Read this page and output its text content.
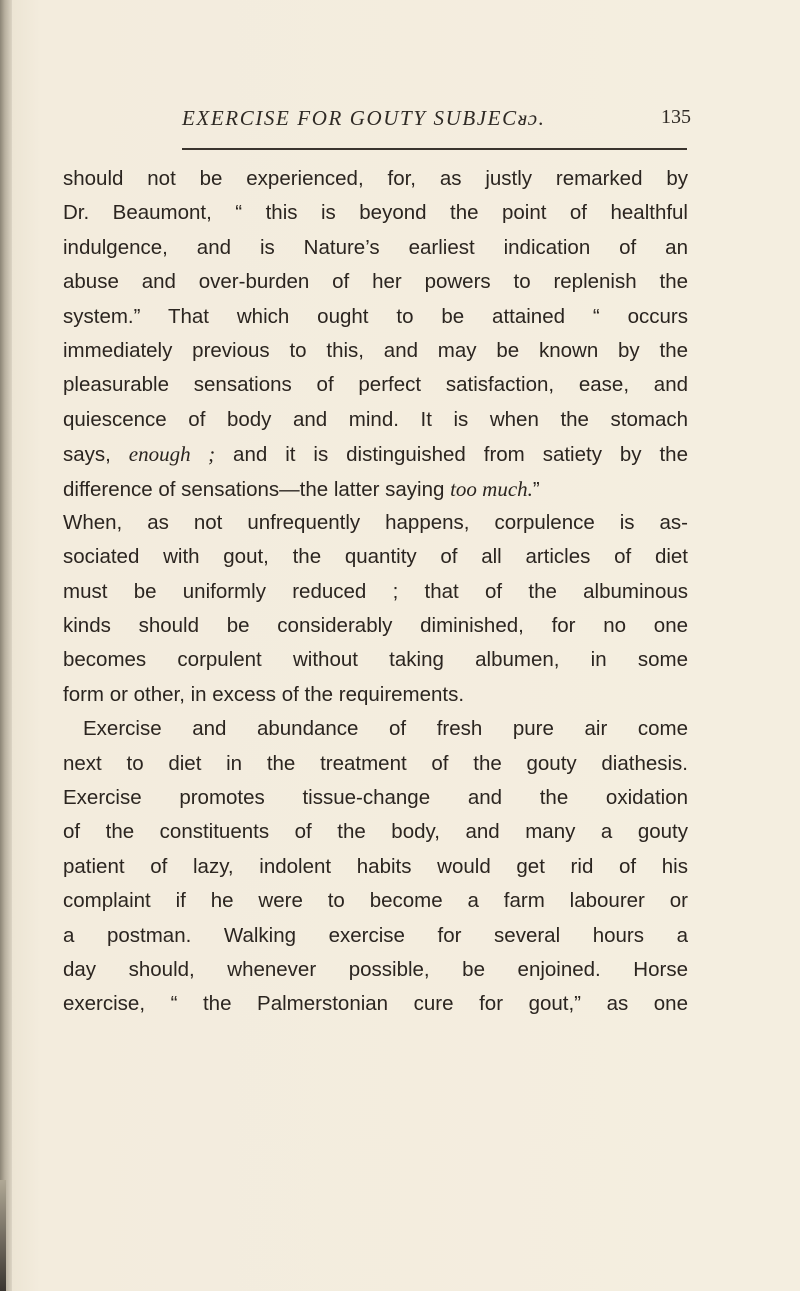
EXERCISE FOR GOUTY SUBJECᴚɔ.	135
should not be experienced, for, as justly remarked by
Dr. Beaumont, “ this is beyond the point of healthful
indulgence, and is Nature’s earliest indication of an
abuse and over-burden of her powers to replenish the
system.” That which ought to be attained “ occurs
immediately previous to this, and may be known by the
pleasurable sensations of perfect satisfaction, ease, and
quiescence of body and mind. It is when the stomach
says, enough ; and it is distinguished from satiety by the
difference of sensations—the latter saying too much.”
When, as not unfrequently happens, corpulence is as-
sociated with gout, the quantity of all articles of diet
must be uniformly reduced ; that of the albuminous
kinds should be considerably diminished, for no one
becomes corpulent without taking albumen, in some
form or other, in excess of the requirements.
Exercise and abundance of fresh pure air come
next to diet in the treatment of the gouty diathesis.
Exercise promotes tissue-change and the oxidation
of the constituents of the body, and many a gouty
patient of lazy, indolent habits would get rid of his
complaint if he were to become a farm labourer or
a postman. Walking exercise for several hours a
day should, whenever possible, be enjoined. Horse
exercise, “ the Palmerstonian cure for gout,” as one
